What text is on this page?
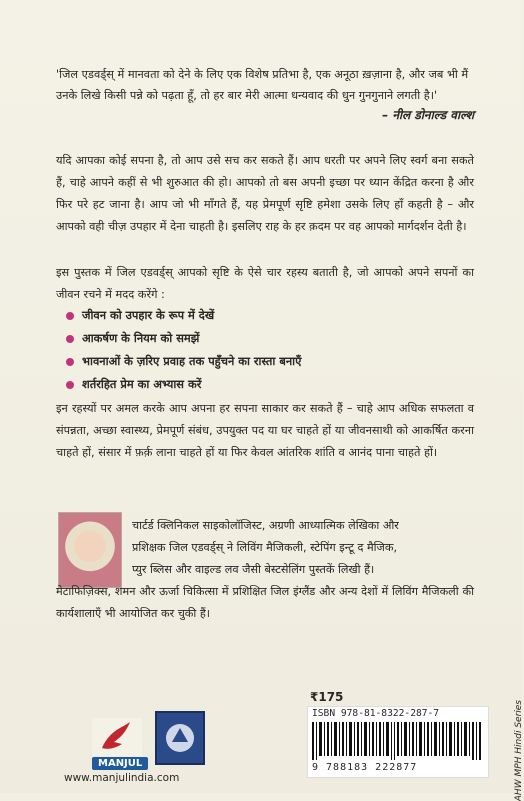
'जिल एडवर्ड्स् में मानवता को देने के लिए एक विशेष प्रतिभा है, एक अनूठा ख़ज़ाना है, और जब भी मैं उनके लिखे किसी पन्ने को पढ़ता हूँ, तो हर बार मेरी आत्मा धन्यवाद की धुन गुनगुनाने लगती है।'
– नील डोनाल्ड वाल्श
यदि आपका कोई सपना है, तो आप उसे सच कर सकते हैं। आप धरती पर अपने लिए स्वर्ग बना सकते हैं, चाहे आपने कहीं से भी शुरुआत की हो। आपको तो बस अपनी इच्छा पर ध्यान केंद्रित करना है और फिर परे हट जाना है। आप जो भी माँगते हैं, यह प्रेमपूर्ण सृष्टि हमेशा उसके लिए हाँ कहती है – और आपको वही चीज़ उपहार में देना चाहती है। इसलिए राह के हर क़दम पर वह आपको मार्गदर्शन देती है।
इस पुस्तक में जिल एडवर्ड्स् आपको सृष्टि के ऐसे चार रहस्य बताती है, जो आपको अपने सपनों का जीवन रचने में मदद करेंगे :
जीवन को उपहार के रूप में देखें
आकर्षण के नियम को समझें
भावनाओं के ज़रिए प्रवाह तक पहुँचने का रास्ता बनाएँ
शर्तरहित प्रेम का अभ्यास करें
इन रहस्यों पर अमल करके आप अपना हर सपना साकार कर सकते हैं – चाहे आप अधिक सफलता व संपन्नता, अच्छा स्वास्थ्य, प्रेमपूर्ण संबंध, उपयुक्त पद या घर चाहते हों या जीवनसाथी को आकर्षित करना चाहते हों, संसार में फ़र्क़ लाना चाहते हों या फिर केवल आंतरिक शांति व आनंद पाना चाहते हों।
चार्टर्ड क्लिनिकल साइकोलॉजिस्ट, अग्रणी आध्यात्मिक लेखिका और
प्रशिक्षक जिल एडवर्ड्स् ने लिविंग मैजिकली, स्टेपिंग इन्टू द मैजिक,
प्युर ब्लिस और वाइल्ड लव जैसी बेस्टसेलिंग पुस्तकें लिखी हैं।
मेटाफिज़िक्स, शमन और ऊर्जा चिकित्सा में प्रशिक्षित जिल इंग्लैंड और अन्य देशों में लिविंग मैजिकली की कार्यशालाएँ भी आयोजित कर चुकी हैं।
₹175
ISBN 978-81-8322-287-7
9 788183 222877	AHW MPH Hindi Series
MANJUL
www.manjulindia.com
